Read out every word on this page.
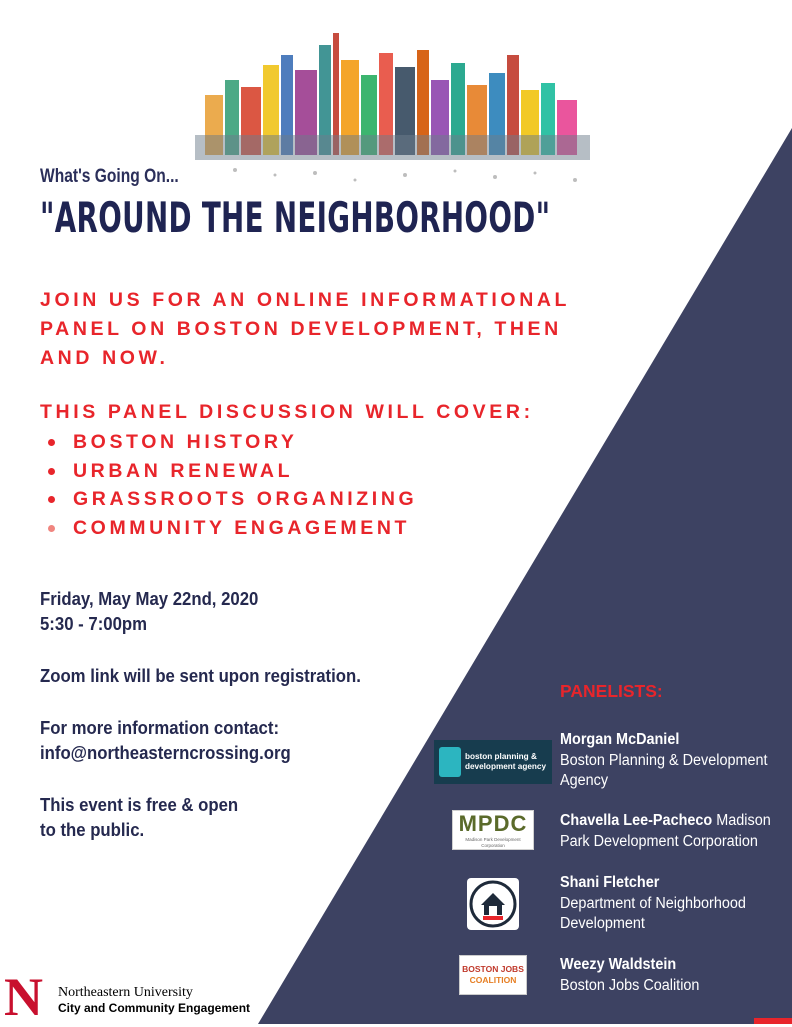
What's Going On...
"AROUND THE NEIGHBORHOOD"
JOIN US FOR AN ONLINE INFORMATIONAL
PANEL ON BOSTON DEVELOPMENT, THEN
AND NOW.
THIS PANEL DISCUSSION WILL COVER:
BOSTON HISTORY
URBAN RENEWAL
GRASSROOTS ORGANIZING
COMMUNITY ENGAGEMENT
Friday, May May 22nd, 2020
5:30 - 7:00pm
Zoom link will be sent upon registration.
For more information contact:
info@northeasterncrossing.org
This event is free & open
to the public.
PANELISTS:
boston planning &
development agency
Morgan McDaniel
Boston Planning & Development
Agency
MPDC
Madison Park Development Corporation
Chavella Lee-Pacheco Madison
Park Development Corporation
Shani Fletcher
Department of Neighborhood
Development
BOSTON JOBS
COALITION
Weezy Waldstein
Boston Jobs Coalition
N Northeastern University
City and Community Engagement
